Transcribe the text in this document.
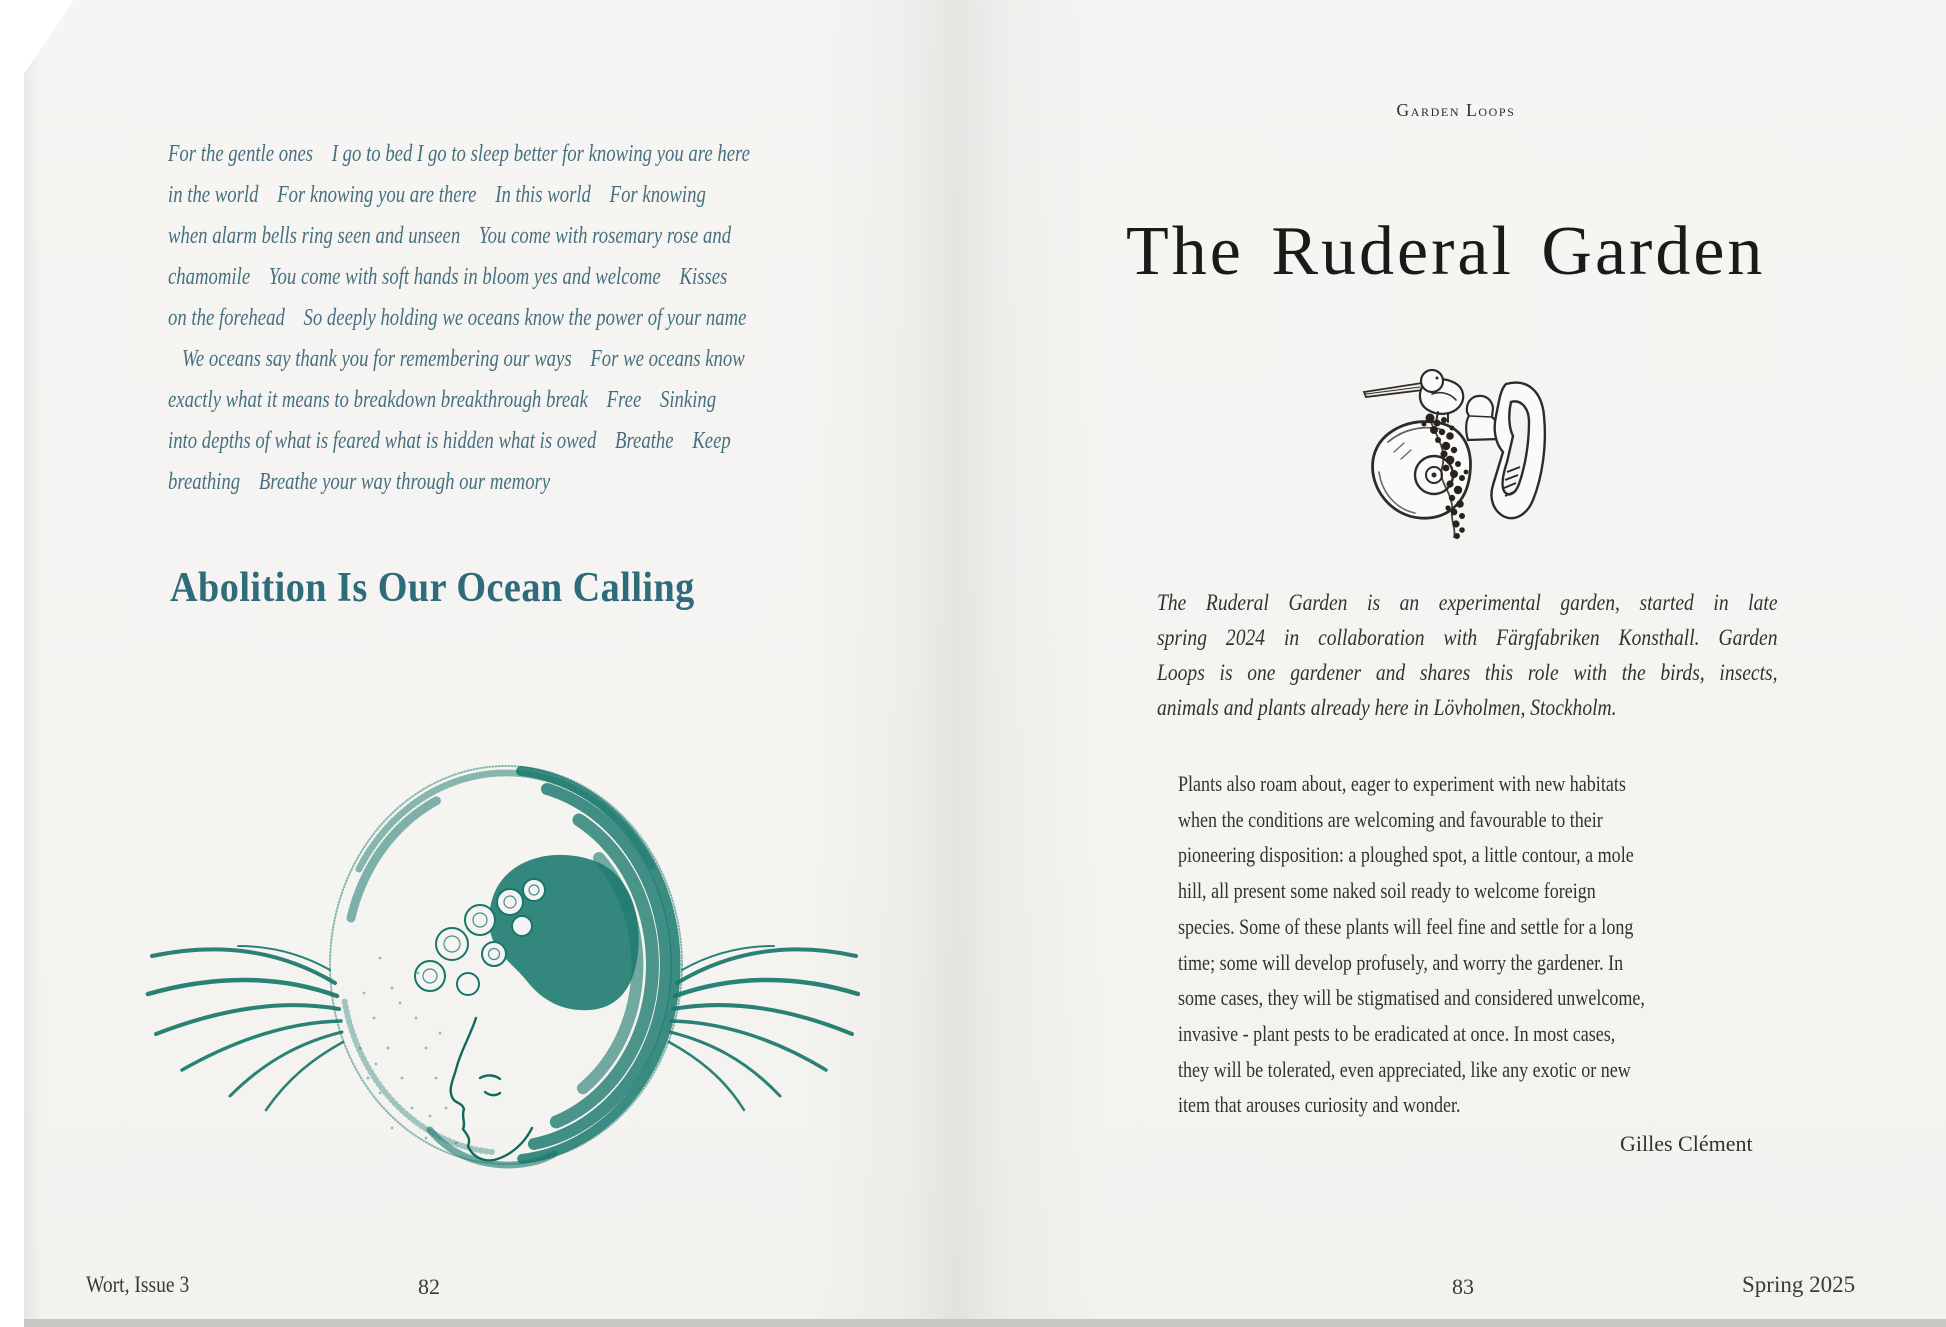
For the gentle ones    I go to bed I go to sleep better for knowing you are here
in the world    For knowing you are there    In this world    For knowing
when alarm bells ring seen and unseen    You come with rosemary rose and
chamomile    You come with soft hands in bloom yes and welcome    Kisses
on the forehead    So deeply holding we oceans know the power of your name
We oceans say thank you for remembering our ways    For we oceans know
exactly what it means to breakdown breakthrough break    Free    Sinking
into depths of what is feared what is hidden what is owed    Breathe    Keep
breathing    Breathe your way through our memory
Abolition Is Our Ocean Calling
Wort, Issue 3	82
Garden Loops
The Ruderal Garden
The Ruderal Garden is an experimental garden, started in late
spring 2024 in collaboration with Färgfabriken Konsthall. Garden
Loops is one gardener and shares this role with the birds, insects,
animals and plants already here in Lövholmen, Stockholm.
Plants also roam about, eager to experiment with new habitats
when the conditions are welcoming and favourable to their
pioneering disposition: a ploughed spot, a little contour, a mole
hill, all present some naked soil ready to welcome foreign
species. Some of these plants will feel fine and settle for a long
time; some will develop profusely, and worry the gardener. In
some cases, they will be stigmatised and considered unwelcome,
invasive - plant pests to be eradicated at once. In most cases,
they will be tolerated, even appreciated, like any exotic or new
item that arouses curiosity and wonder.
Gilles Clément
83	Spring 2025
